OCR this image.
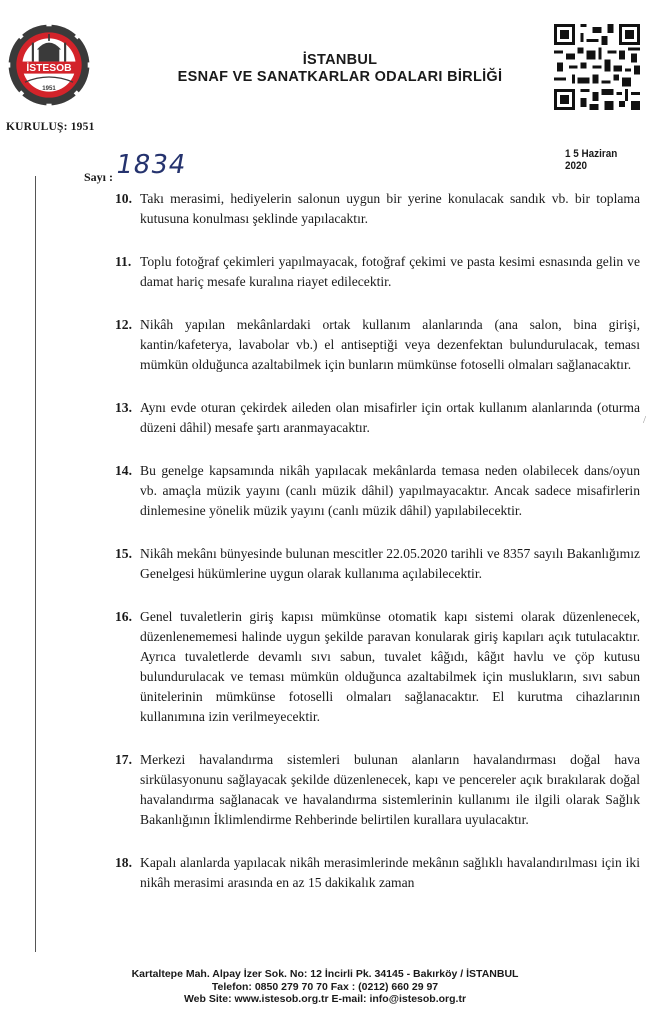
İSTESOB
1951
KURULUŞ: 1951
İSTANBUL
ESNAF VE SANATKARLAR ODALARI BİRLİĞİ
1 5 Haziran 2020
Sayı : 1834
10. Takı merasimi, hediyelerin salonun uygun bir yerine konulacak sandık vb. bir toplama kutusuna konulması şeklinde yapılacaktır.
11. Toplu fotoğraf çekimleri yapılmayacak, fotoğraf çekimi ve pasta kesimi esnasında gelin ve damat hariç mesafe kuralına riayet edilecektir.
12. Nikâh yapılan mekânlardaki ortak kullanım alanlarında (ana salon, bina girişi, kantin/kafeterya, lavabolar vb.) el antiseptiği veya dezenfektan bulundurulacak, teması mümkün olduğunca azaltabilmek için bunların mümkünse fotoselli olmaları sağlanacaktır.
13. Aynı evde oturan çekirdek aileden olan misafirler için ortak kullanım alanlarında (oturma düzeni dâhil) mesafe şartı aranmayacaktır.
14. Bu genelge kapsamında nikâh yapılacak mekânlarda temasa neden olabilecek dans/oyun vb. amaçla müzik yayını (canlı müzik dâhil) yapılmayacaktır. Ancak sadece misafirlerin dinlemesine yönelik müzik yayını (canlı müzik dâhil) yapılabilecektir.
15. Nikâh mekânı bünyesinde bulunan mescitler 22.05.2020 tarihli ve 8357 sayılı Bakanlığımız Genelgesi hükümlerine uygun olarak kullanıma açılabilecektir.
16. Genel tuvaletlerin giriş kapısı mümkünse otomatik kapı sistemi olarak düzenlenecek, düzenlenememesi halinde uygun şekilde paravan konularak giriş kapıları açık tutulacaktır. Ayrıca tuvaletlerde devamlı sıvı sabun, tuvalet kâğıdı, kâğıt havlu ve çöp kutusu bulundurulacak ve teması mümkün olduğunca azaltabilmek için muslukların, sıvı sabun ünitelerinin mümkünse fotoselli olmaları sağlanacaktır. El kurutma cihazlarının kullanımına izin verilmeyecektir.
17. Merkezi havalandırma sistemleri bulunan alanların havalandırması doğal hava sirkülasyonunu sağlayacak şekilde düzenlenecek, kapı ve pencereler açık bırakılarak doğal havalandırma sağlanacak ve havalandırma sistemlerinin kullanımı ile ilgili olarak Sağlık Bakanlığının İklimlendirme Rehberinde belirtilen kurallara uyulacaktır.
18. Kapalı alanlarda yapılacak nikâh merasimlerinde mekânın sağlıklı havalandırılması için iki nikâh merasimi arasında en az 15 dakikalık zaman
/
Kartaltepe Mah. Alpay İzer Sok. No: 12 İncirli Pk. 34145 - Bakırköy / İSTANBUL
Telefon: 0850 279 70 70 Fax : (0212) 660 29 97
Web Site: www.istesob.org.tr E-mail: info@istesob.org.tr
